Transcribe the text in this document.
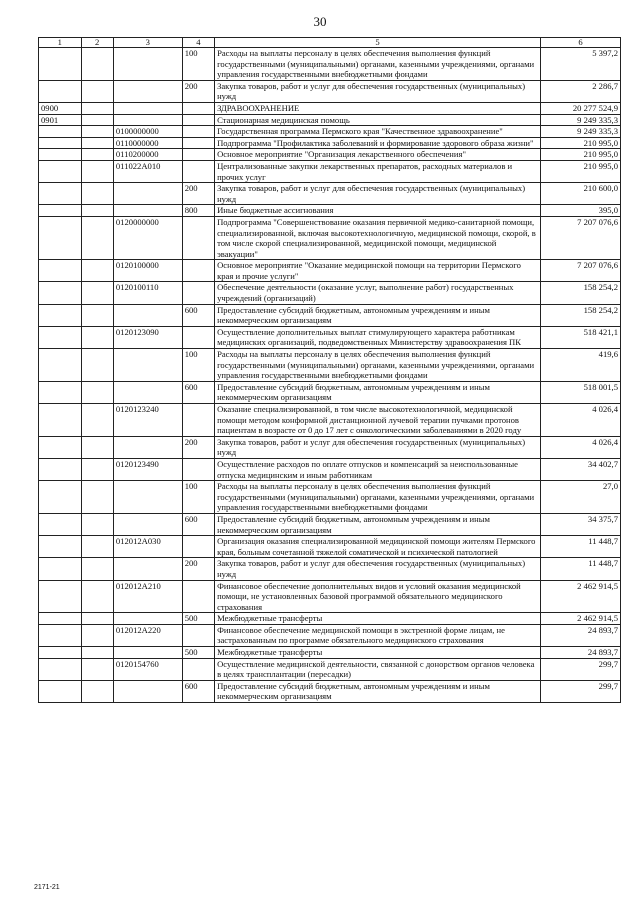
30
1	2	3	4	5	6
			100	Расходы на выплаты персоналу в целях обеспечения выполнения функций государственными (муниципальными) органами, казенными учреждениями, органами управления государственными внебюджетными фондами	5 397,2
			200	Закупка товаров, работ и услуг для обеспечения государственных (муниципальных) нужд	2 286,7
0900				ЗДРАВООХРАНЕНИЕ	20 277 524,9
0901				Стационарная медицинская помощь	9 249 335,3
		0100000000		Государственная программа Пермского края "Качественное здравоохранение"	9 249 335,3
		0110000000		Подпрограмма "Профилактика заболеваний и формирование здорового образа жизни"	210 995,0
		0110200000		Основное мероприятие "Организация лекарственного обеспечения"	210 995,0
		011022А010		Централизованные закупки лекарственных препаратов, расходных материалов и прочих услуг	210 995,0
			200	Закупка товаров, работ и услуг для обеспечения государственных (муниципальных) нужд	210 600,0
			800	Иные бюджетные ассигнования	395,0
		0120000000		Подпрограмма "Совершенствование оказания первичной медико-санитарной помощи, специализированной, включая высокотехнологичную, медицинской помощи, скорой, в том числе скорой специализированной, медицинской помощи, медицинской эвакуации"	7 207 076,6
		0120100000		Основное мероприятие "Оказание медицинской помощи на территории Пермского края и прочие услуги"	7 207 076,6
		0120100110		Обеспечение деятельности (оказание услуг, выполнение работ) государственных учреждений (организаций)	158 254,2
			600	Предоставление субсидий бюджетным, автономным учреждениям и иным некоммерческим организациям	158 254,2
		0120123090		Осуществление дополнительных выплат стимулирующего характера работникам медицинских организаций, подведомственных Министерству здравоохранения ПК	518 421,1
			100	Расходы на выплаты персоналу в целях обеспечения выполнения функций государственными (муниципальными) органами, казенными учреждениями, органами управления государственными внебюджетными фондами	419,6
			600	Предоставление субсидий бюджетным, автономным учреждениям и иным некоммерческим организациям	518 001,5
		0120123240		Оказание специализированной, в том числе высокотехнологичной, медицинской помощи методом конформной дистанционной лучевой терапии пучками протонов пациентам в возрасте от 0 до 17 лет с онкологическими заболеваниями в 2020 году	4 026,4
			200	Закупка товаров, работ и услуг для обеспечения государственных (муниципальных) нужд	4 026,4
		0120123490		Осуществление расходов по оплате отпусков и компенсаций за неиспользованные отпуска медицинским и иным работникам	34 402,7
			100	Расходы на выплаты персоналу в целях обеспечения выполнения функций государственными (муниципальными) органами, казенными учреждениями, органами управления государственными внебюджетными фондами	27,0
			600	Предоставление субсидий бюджетным, автономным учреждениям и иным некоммерческим организациям	34 375,7
		012012А030		Организация оказания специализированной медицинской помощи жителям Пермского края, больным сочетанной тяжелой соматической и психической патологией	11 448,7
			200	Закупка товаров, работ и услуг для обеспечения государственных (муниципальных) нужд	11 448,7
		012012А210		Финансовое обеспечение дополнительных видов и условий оказания медицинской помощи, не установленных базовой программой обязательного медицинского страхования	2 462 914,5
			500	Межбюджетные трансферты	2 462 914,5
		012012А220		Финансовое обеспечение медицинской помощи в экстренной форме лицам, не застрахованным по программе обязательного медицинского страхования	24 893,7
			500	Межбюджетные трансферты	24 893,7
		0120154760		Осуществление медицинской деятельности, связанной с донорством органов человека в целях трансплантации (пересадки)	299,7
			600	Предоставление субсидий бюджетным, автономным учреждениям и иным некоммерческим организациям	299,7
2171-21
